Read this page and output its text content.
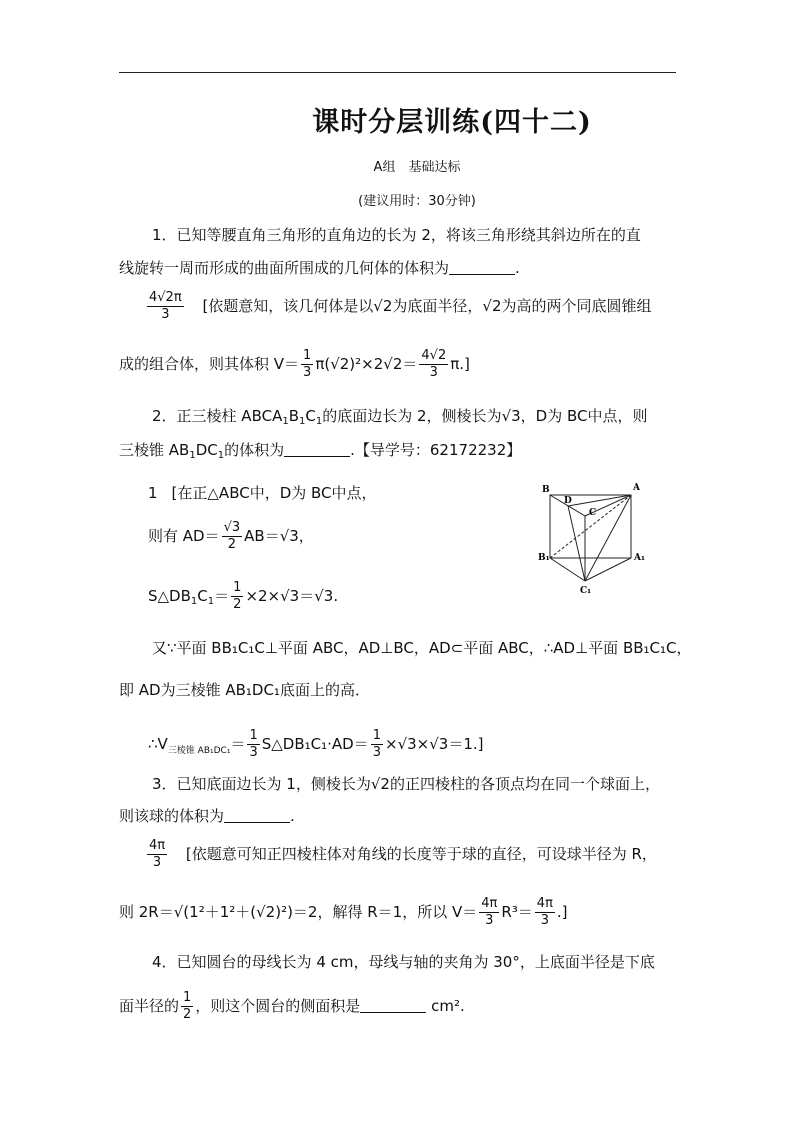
课时分层训练(四十二)
A组　基础达标
(建议用时：30分钟)
1．已知等腰直角三角形的直角边的长为 2，将该三角形绕其斜边所在的直
线旋转一周而形成的曲面所围成的几何体的体积为	.
$\frac{4√2\pi}{3}$ [依题意知，该几何体是以√2为底面半径，√2为高的两个同底圆锥组
成的组合体，则其体积 $V= \frac{1}{3} \pi(√2)^2\times 2√2= \frac{4√2}{3} \pi$.]
2．正三棱柱 $ABCA_1B_1C_1$的底面边长为 2，侧棱长为√3，D为 BC中点，则
三棱锥 $AB_1DC_1$的体积为	.【导学号：62172232】
1 [在正△ABC中，D为 BC中点，
则有 $AD= \frac{√3}{2} AB=√3$，
$S\triangle DB_1C_1= \frac{1}{2} \times 2\times√3=√3$.
B
D
C
A
B₁	A₁
C₁
又∵平面 BB₁C₁C⊥平面 ABC，AD⊥BC，AD⊂平面 ABC，∴AD⊥平面 BB₁C₁C，
即 AD为三棱锥 AB₁DC₁底面上的高．
$\therefore V_{三棱锥 AB_1DC_1}= \frac{1}{3}$ S△DB₁C₁·AD＝ $\frac{1}{3} \times√3\times√3=1$.]
3．已知底面边长为 1，侧棱长为√2的正四棱柱的各顶点均在同一个球面上，
则该球的体积为	.
$\frac{4\pi}{3}$ [依题意可知正四棱柱体对角线的长度等于球的直径，可设球半径为 R，
则 2R＝√(1²＋1²＋(√2)²)＝2，解得 R＝1，所以 $V= \frac{4\pi}{3} R^3= \frac{4\pi}{3}$ .]
4．已知圆台的母线长为 4 cm，母线与轴的夹角为 30°，上底面半径是下底
面半径的 $\frac{1}{2}$ ，则这个圆台的侧面积是	cm².
